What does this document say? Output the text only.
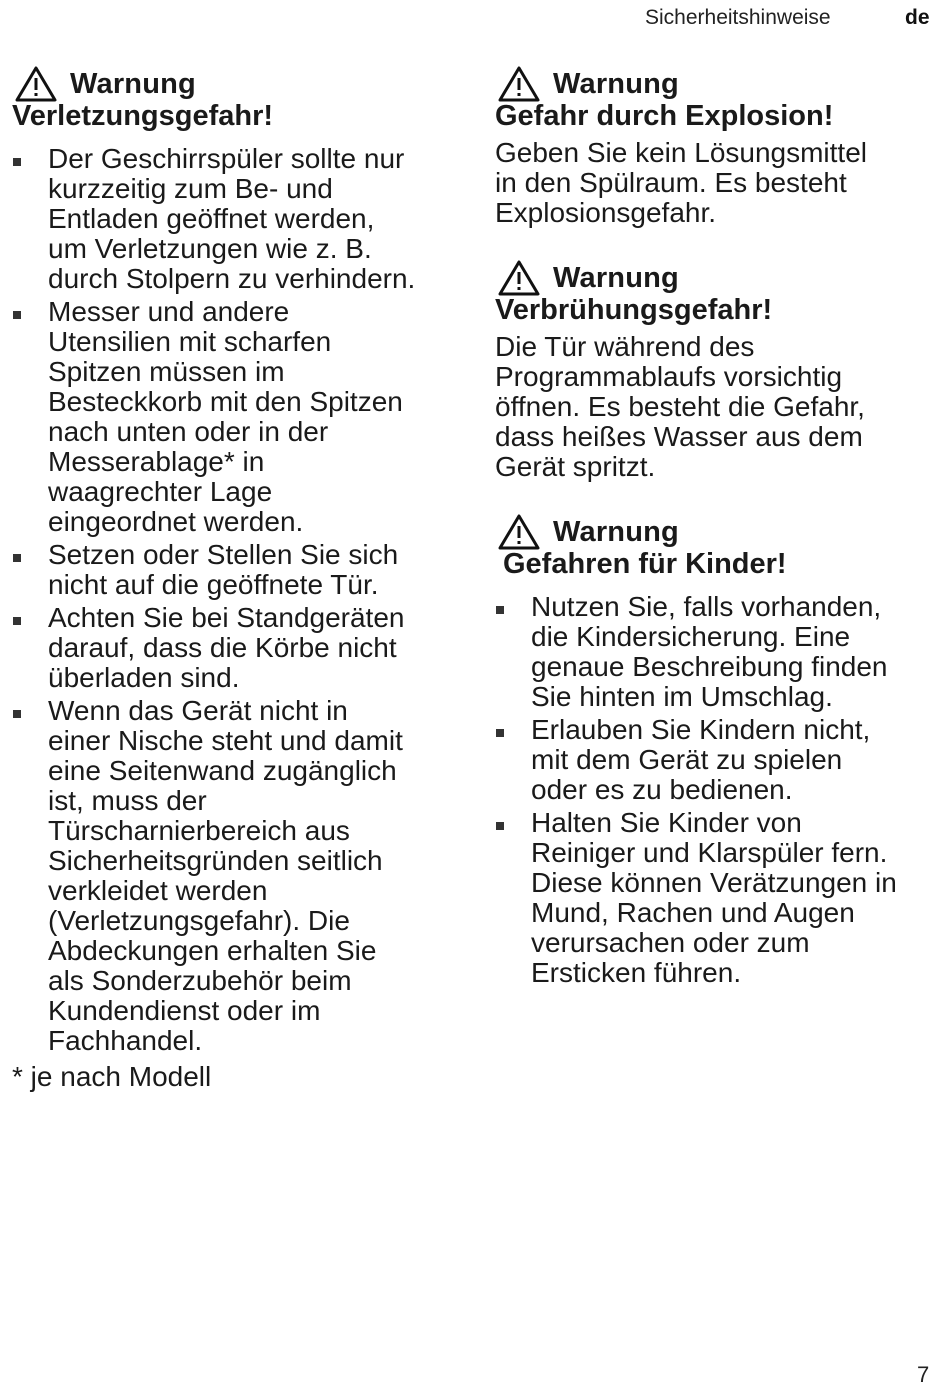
Sicherheitshinweise	de
Warnung
Verletzungsgefahr!
Der Geschirrspüler sollte nur
kurzzeitig zum Be- und
Entladen geöffnet werden,
um Verletzungen wie z. B.
durch Stolpern zu verhindern.
Messer und andere
Utensilien mit scharfen
Spitzen müssen im
Besteckkorb mit den Spitzen
nach unten oder in der
Messerablage* in
waagrechter Lage
eingeordnet werden.
Setzen oder Stellen Sie sich
nicht auf die geöffnete Tür.
Achten Sie bei Standgeräten
darauf, dass die Körbe nicht
überladen sind.
Wenn das Gerät nicht in
einer Nische steht und damit
eine Seitenwand zugänglich
ist, muss der
Türscharnierbereich aus
Sicherheitsgründen seitlich
verkleidet werden
(Verletzungsgefahr). Die
Abdeckungen erhalten Sie
als Sonderzubehör beim
Kundendienst oder im
Fachhandel.
* je nach Modell
Warnung
Gefahr durch Explosion!
Geben Sie kein Lösungsmittel
in den Spülraum. Es besteht
Explosionsgefahr.
Warnung
Verbrühungsgefahr!
Die Tür während des
Programmablaufs vorsichtig
öffnen. Es besteht die Gefahr,
dass heißes Wasser aus dem
Gerät spritzt.
Warnung
Gefahren für Kinder!
Nutzen Sie, falls vorhanden,
die Kindersicherung. Eine
genaue Beschreibung finden
Sie hinten im Umschlag.
Erlauben Sie Kindern nicht,
mit dem Gerät zu spielen
oder es zu bedienen.
Halten Sie Kinder von
Reiniger und Klarspüler fern.
Diese können Verätzungen in
Mund, Rachen und Augen
verursachen oder zum
Ersticken führen.
7
